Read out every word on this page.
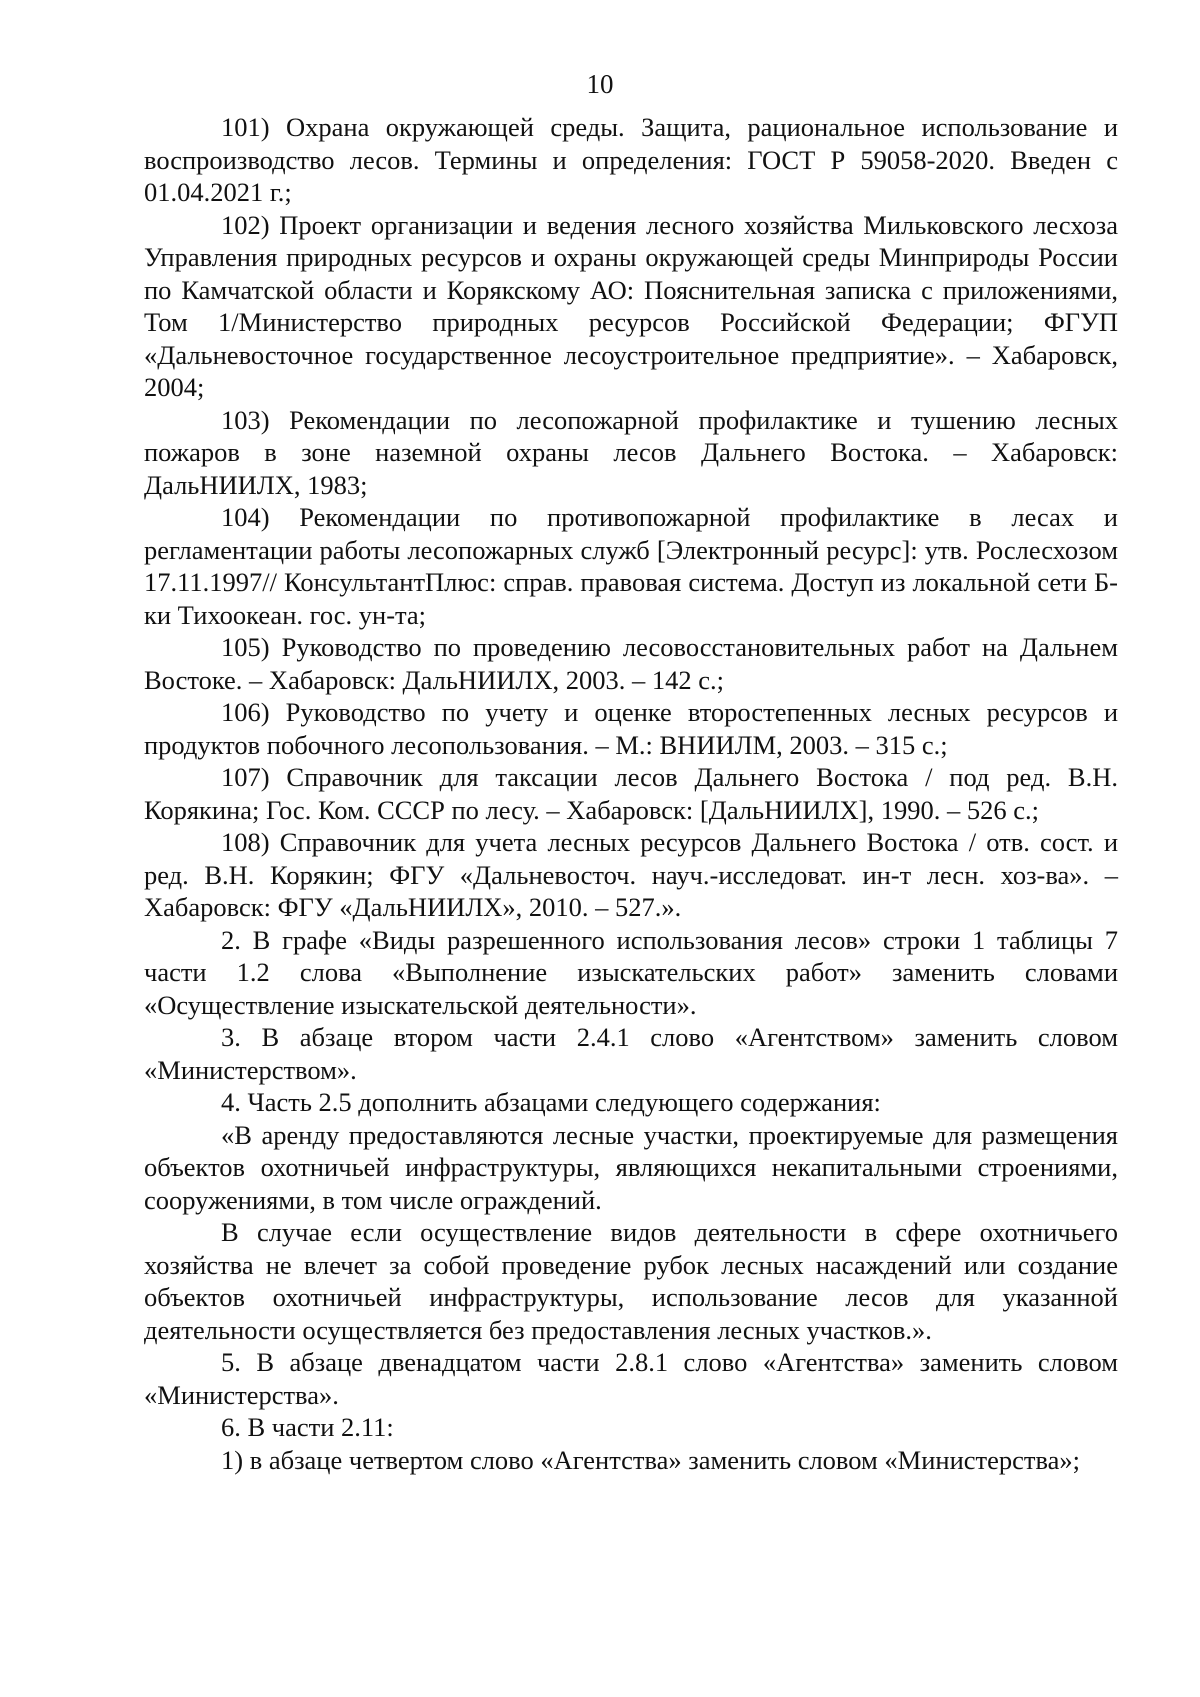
10

101) Охрана окружающей среды. Защита, рациональное использование и воспроизводство лесов. Термины и определения: ГОСТ Р 59058-2020. Введен с 01.04.2021 г.;

102) Проект организации и ведения лесного хозяйства Мильковского лесхоза Управления природных ресурсов и охраны окружающей среды Минприроды России по Камчатской области и Корякскому АО: Пояснительная записка с приложениями, Том 1/Министерство природных ресурсов Российской Федерации; ФГУП «Дальневосточное государственное лесоустроительное предприятие». – Хабаровск, 2004;

103) Рекомендации по лесопожарной профилактике и тушению лесных пожаров в зоне наземной охраны лесов Дальнего Востока. – Хабаровск: ДальНИИЛХ, 1983;

104) Рекомендации по противопожарной профилактике в лесах и регламентации работы лесопожарных служб [Электронный ресурс]: утв. Рослесхозом 17.11.1997// КонсультантПлюс: справ. правовая система. Доступ из локальной сети Б-ки Тихоокеан. гос. ун-та;

105) Руководство по проведению лесовосстановительных работ на Дальнем Востоке. – Хабаровск: ДальНИИЛХ, 2003. – 142 с.;

106) Руководство по учету и оценке второстепенных лесных ресурсов и продуктов побочного лесопользования. – М.: ВНИИЛМ, 2003. – 315 с.;

107) Справочник для таксации лесов Дальнего Востока / под ред. В.Н. Корякина; Гос. Ком. СССР по лесу. – Хабаровск: [ДальНИИЛХ], 1990. – 526 с.;

108) Справочник для учета лесных ресурсов Дальнего Востока / отв. сост. и ред. В.Н. Корякин; ФГУ «Дальневосточ. науч.-исследоват. ин-т лесн. хоз-ва». – Хабаровск: ФГУ «ДальНИИЛХ», 2010. – 527.».

2. В графе «Виды разрешенного использования лесов» строки 1 таблицы 7 части 1.2 слова «Выполнение изыскательских работ» заменить словами «Осуществление изыскательской деятельности».

3. В абзаце втором части 2.4.1 слово «Агентством» заменить словом «Министерством».

4. Часть 2.5 дополнить абзацами следующего содержания:

«В аренду предоставляются лесные участки, проектируемые для размещения объектов охотничьей инфраструктуры, являющихся некапитальными строениями, сооружениями, в том числе ограждений.

В случае если осуществление видов деятельности в сфере охотничьего хозяйства не влечет за собой проведение рубок лесных насаждений или создание объектов охотничьей инфраструктуры, использование лесов для указанной деятельности осуществляется без предоставления лесных участков.».

5. В абзаце двенадцатом части 2.8.1 слово «Агентства» заменить словом «Министерства».

6. В части 2.11:

1) в абзаце четвертом слово «Агентства» заменить словом «Министерства»;
